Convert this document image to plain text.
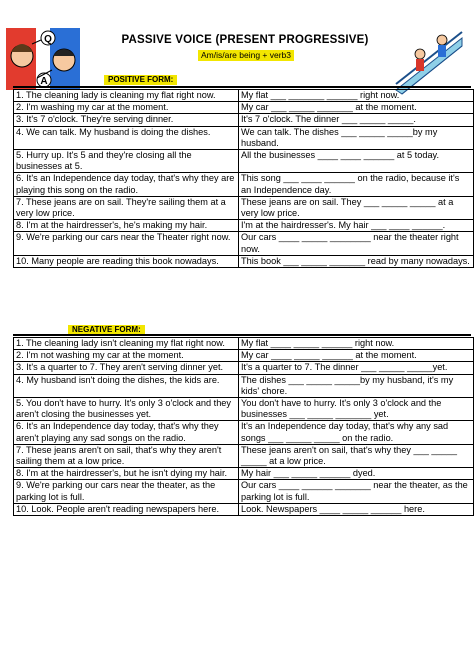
Q
A
PASSIVE VOICE (PRESENT PROGRESSIVE)
Am/is/are being + verb3
POSITIVE FORM:
1. The cleaning lady is cleaning my flat right now.	My flat ___ _______ ______ right now.
2. I'm washing my car at the moment.	My car ___ _____ _______ at the moment.
3. It's 7 o'clock. They're serving dinner.	It's 7 o'clock. The dinner ___ _____ _____.
4. We can talk. My husband is doing the dishes.	We can talk. The dishes ___ _____ _____by my husband.
5. Hurry up. It's 5 and they're closing all the businesses at 5.	All the businesses ____ ____ ______ at 5 today.
6. It's an Independence day today, that's why they are playing this song on the radio.	This song ___ ____ ______ on the radio, because it's an Independence day.
7. These jeans are on sail. They're sailing them at a very low price.	These jeans are on sail. They ___ _____ _____ at a very low price.
8. I'm at the hairdresser's, he's making my hair.	I'm at the hairdresser's. My hair ___ ____ ______.
9. We're parking our cars near the Theater right now.	Our cars ____ _____ ________ near the theater right now.
10. Many people are reading this book nowadays.	This book ___ _____ _______ read by many nowadays.
NEGATIVE FORM:
1. The cleaning lady isn't cleaning my flat right now.	My flat ____ _____ ______ right now.
2. I'm not washing my car at the moment.	My car ____ _____ ______ at the moment.
3. It's a quarter to 7. They aren't serving dinner yet.	It's a quarter to 7. The dinner ___ _____ _____yet.
4. My husband isn't doing the dishes, the kids are.	The dishes ___ _____ _____by my husband, it's my kids' chore.
5. You don't have to hurry. It's only 3 o'clock and they aren't closing the businesses yet.	You don't have to hurry. It's only 3 o'clock and the businesses ___ _____ _______ yet.
6. It's an Independence day today, that's why they aren't playing any sad songs on the radio.	It's an Independence day today, that's why any sad songs ___ _____ _____ on the radio.
7. These jeans aren't on sail, that's why they aren't sailing them at a low price.	These jeans aren't on sail, that's why they ___ _____ _____ at a low price.
8. I'm at the hairdresser's, but he isn't dying my hair.	My hair ___ _____ ______ dyed.
9. We're parking our cars near the theater, as the parking lot is full.	Our cars ____ ______ _______ near the theater, as the parking lot is full.
10. Look. People aren't reading newspapers here.	Look. Newspapers ____ _____ ______ here.
